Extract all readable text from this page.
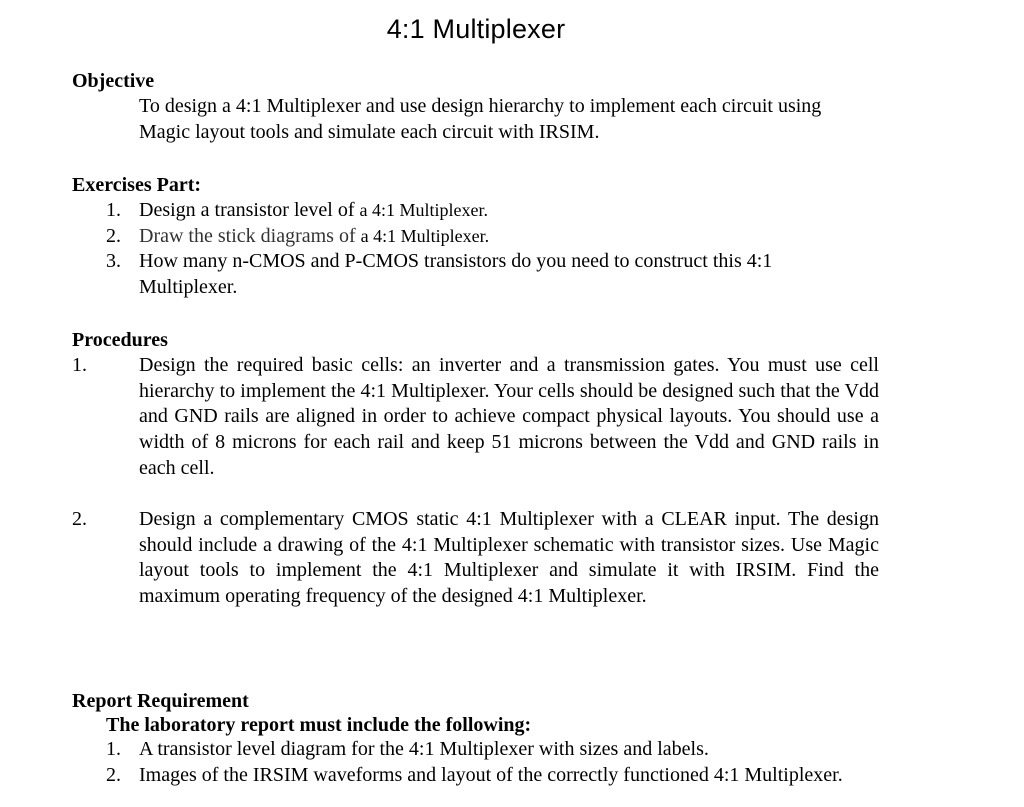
4:1 Multiplexer
Objective
To design a 4:1 Multiplexer and use design hierarchy to implement each circuit using Magic layout tools and simulate each circuit with IRSIM.
Exercises Part:
1. Design a transistor level of a 4:1 Multiplexer.
2. Draw the stick diagrams of a 4:1 Multiplexer.
3. How many n-CMOS and P-CMOS transistors do you need to construct this 4:1 Multiplexer.
Procedures
1.	Design the required basic cells: an inverter and a transmission gates. You must use cell hierarchy to implement the 4:1 Multiplexer. Your cells should be designed such that the Vdd and GND rails are aligned in order to achieve compact physical layouts. You should use a width of 8 microns for each rail and keep 51 microns between the Vdd and GND rails in each cell.
2.	Design a complementary CMOS static 4:1 Multiplexer with a CLEAR input. The design should include a drawing of the 4:1 Multiplexer schematic with transistor sizes. Use Magic layout tools to implement the 4:1 Multiplexer and simulate it with IRSIM. Find the maximum operating frequency of the designed 4:1 Multiplexer.
Report Requirement
The laboratory report must include the following:
1. A transistor level diagram for the 4:1 Multiplexer with sizes and labels.
2. Images of the IRSIM waveforms and layout of the correctly functioned 4:1 Multiplexer.
